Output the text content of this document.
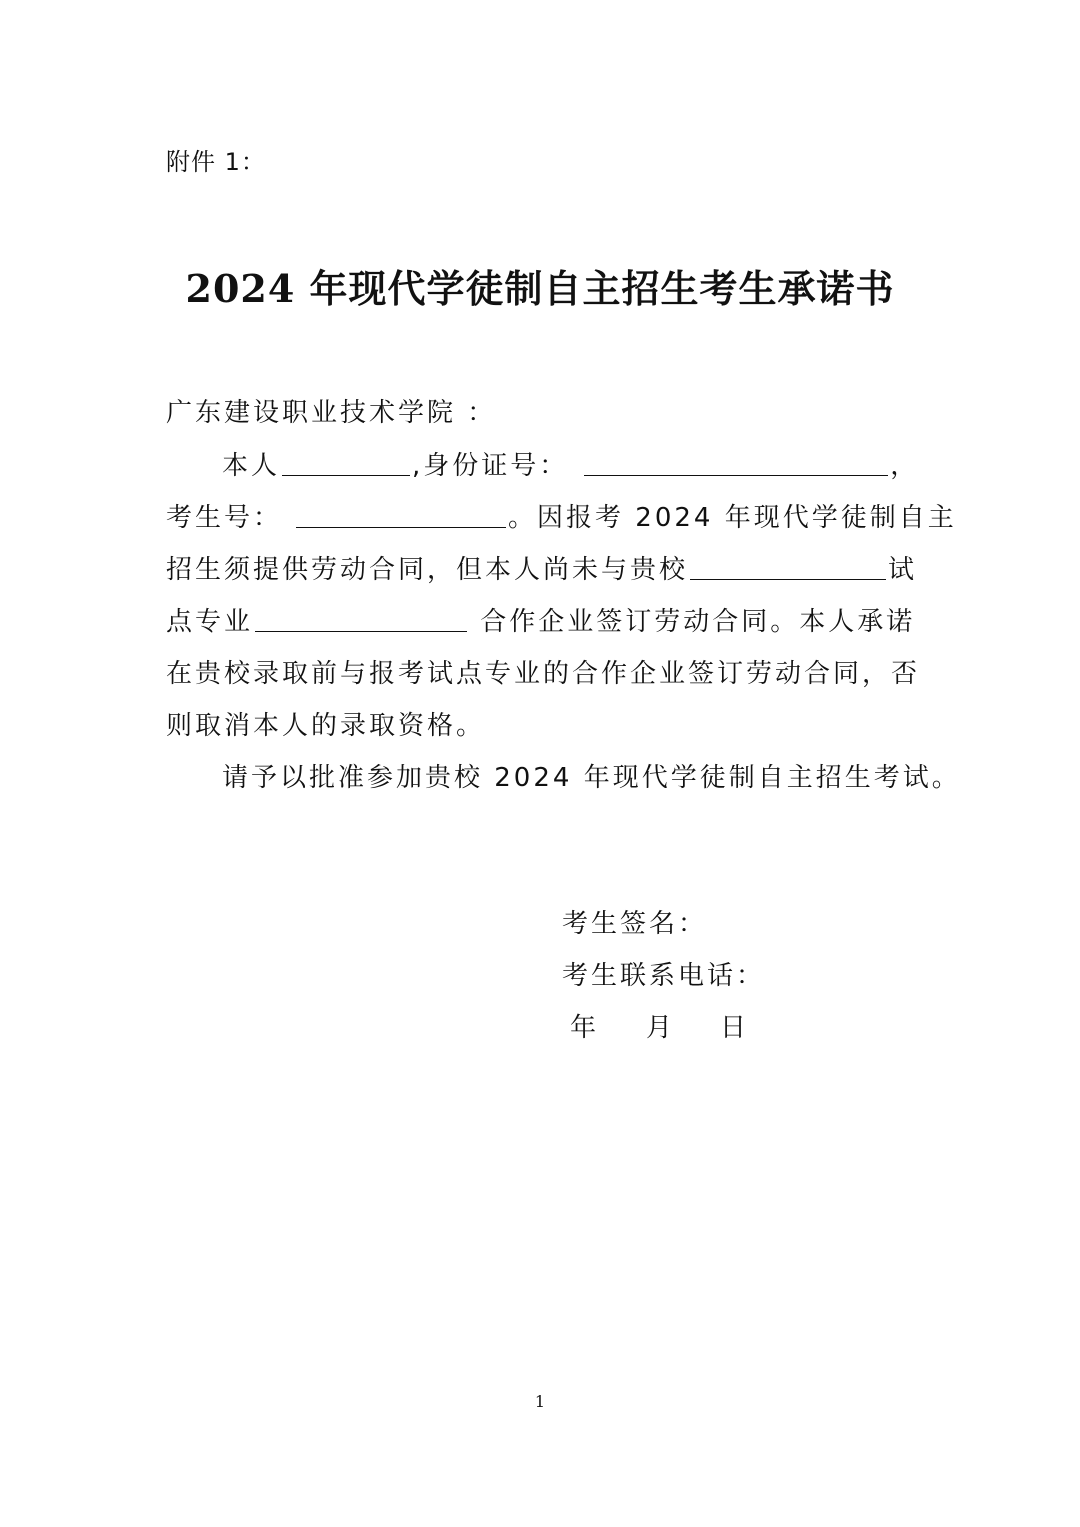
附件 1：
2024 年现代学徒制自主招生考生承诺书
广东建设职业技术学院 ：
本人	,身份证号：	，
考生号：	。因报考 2024 年现代学徒制自主
招生须提供劳动合同，但本人尚未与贵校	试
点专业	合作企业签订劳动合同。本人承诺
在贵校录取前与报考试点专业的合作企业签订劳动合同，否
则取消本人的录取资格。
请予以批准参加贵校 2024 年现代学徒制自主招生考试。
考生签名：
考生联系电话：
年 月 日
1
